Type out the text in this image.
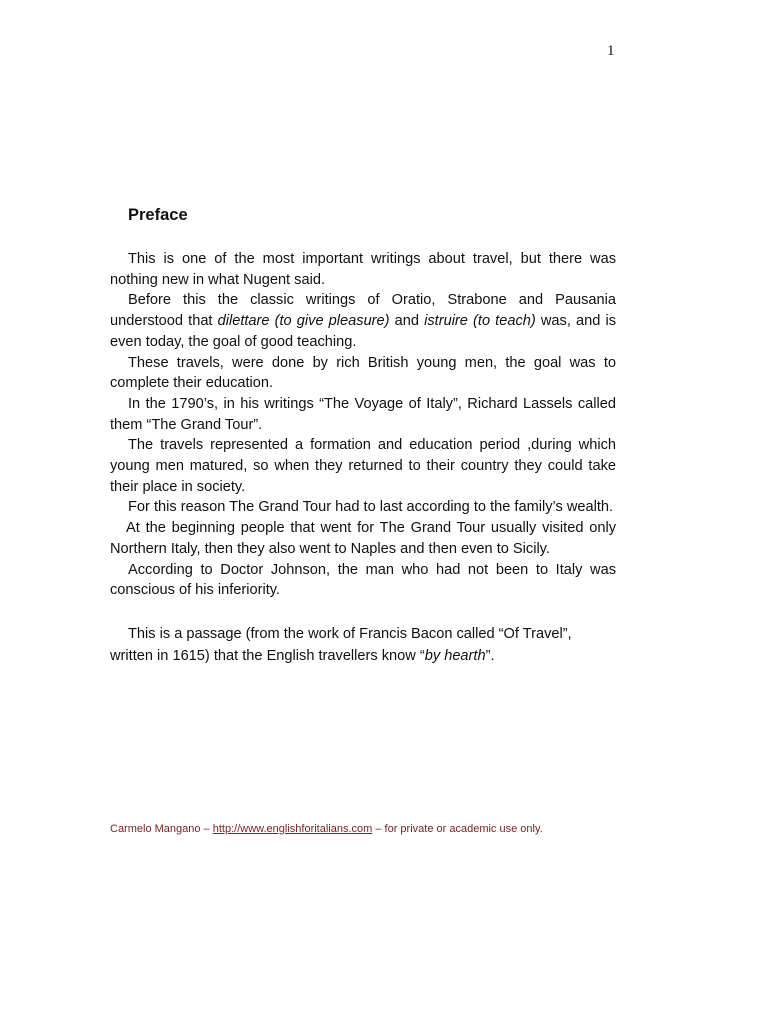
1
Preface

This is one of the most important writings about travel, but there was nothing new in what Nugent said.

Before this the classic writings of Oratio, Strabone and Pausania understood that dilettare (to give pleasure) and istruire (to teach) was, and is even today, the goal of good teaching.

These travels, were done by rich British young men, the goal was to complete their education.

In the 1790’s, in his writings “The Voyage of Italy”, Richard Lassels called them “The Grand Tour”.

The travels represented a formation and education period ,during which young men matured, so when they returned to their country they could take their place in society.

For this reason The Grand Tour had to last according to the family’s wealth.

At the beginning people that went for The Grand Tour usually visited only Northern Italy, then they also went to Naples and then even to Sicily.

According to Doctor Johnson, the man who had not been to Italy was conscious of his inferiority.

This is a passage (from the work of Francis Bacon called “Of Travel”, written in 1615) that the English travellers know “by hearth”.

Carmelo Mangano – http://www.englishforitalians.com – for private or academic use only.
